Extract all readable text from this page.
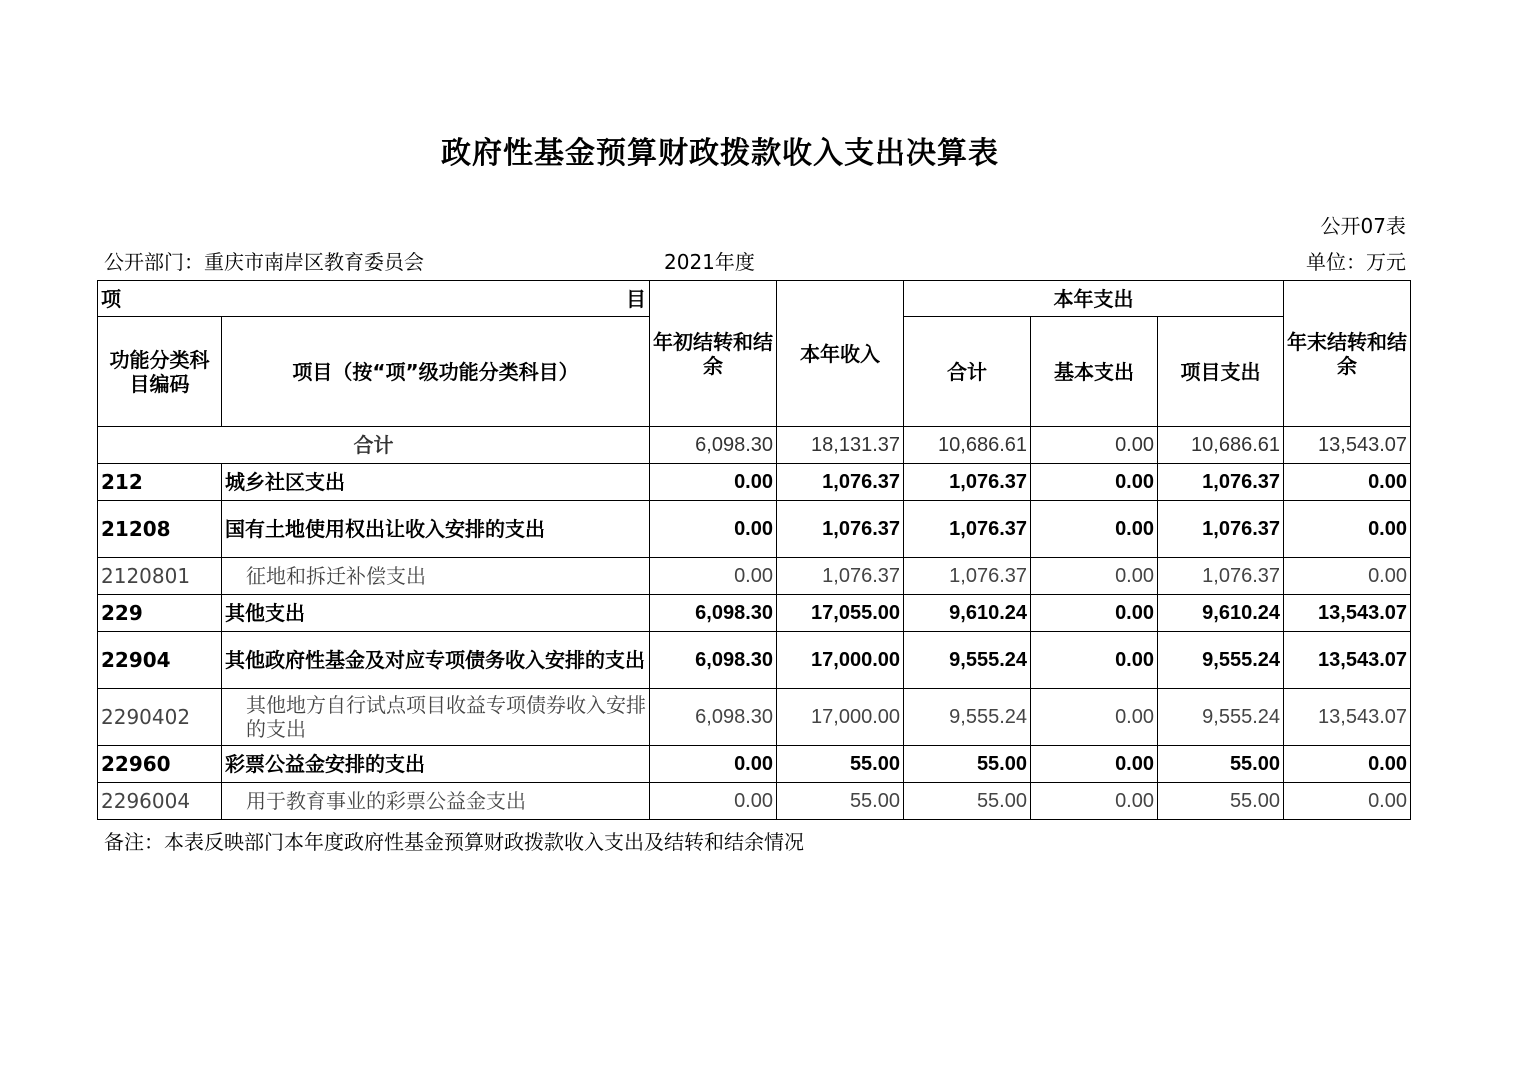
政府性基金预算财政拨款收入支出决算表
公开07表
公开部门：重庆市南岸区教育委员会	2021年度	单位：万元
项 目		年初结转和结余	本年收入	本年支出			年末结转和结余
功能分类科目编码	项目（按“项”级功能分类科目）			合计	基本支出	项目支出	
合计		6,098.30	18,131.37	10,686.61	0.00	10,686.61	13,543.07
212	城乡社区支出	0.00	1,076.37	1,076.37	0.00	1,076.37	0.00
21208	国有土地使用权出让收入安排的支出	0.00	1,076.37	1,076.37	0.00	1,076.37	0.00
2120801	征地和拆迁补偿支出	0.00	1,076.37	1,076.37	0.00	1,076.37	0.00
229	其他支出	6,098.30	17,055.00	9,610.24	0.00	9,610.24	13,543.07
22904	其他政府性基金及对应专项债务收入安排的支出	6,098.30	17,000.00	9,555.24	0.00	9,555.24	13,543.07
2290402	其他地方自行试点项目收益专项债券收入安排的支出	6,098.30	17,000.00	9,555.24	0.00	9,555.24	13,543.07
22960	彩票公益金安排的支出	0.00	55.00	55.00	0.00	55.00	0.00
2296004	用于教育事业的彩票公益金支出	0.00	55.00	55.00	0.00	55.00	0.00
备注：本表反映部门本年度政府性基金预算财政拨款收入支出及结转和结余情况
